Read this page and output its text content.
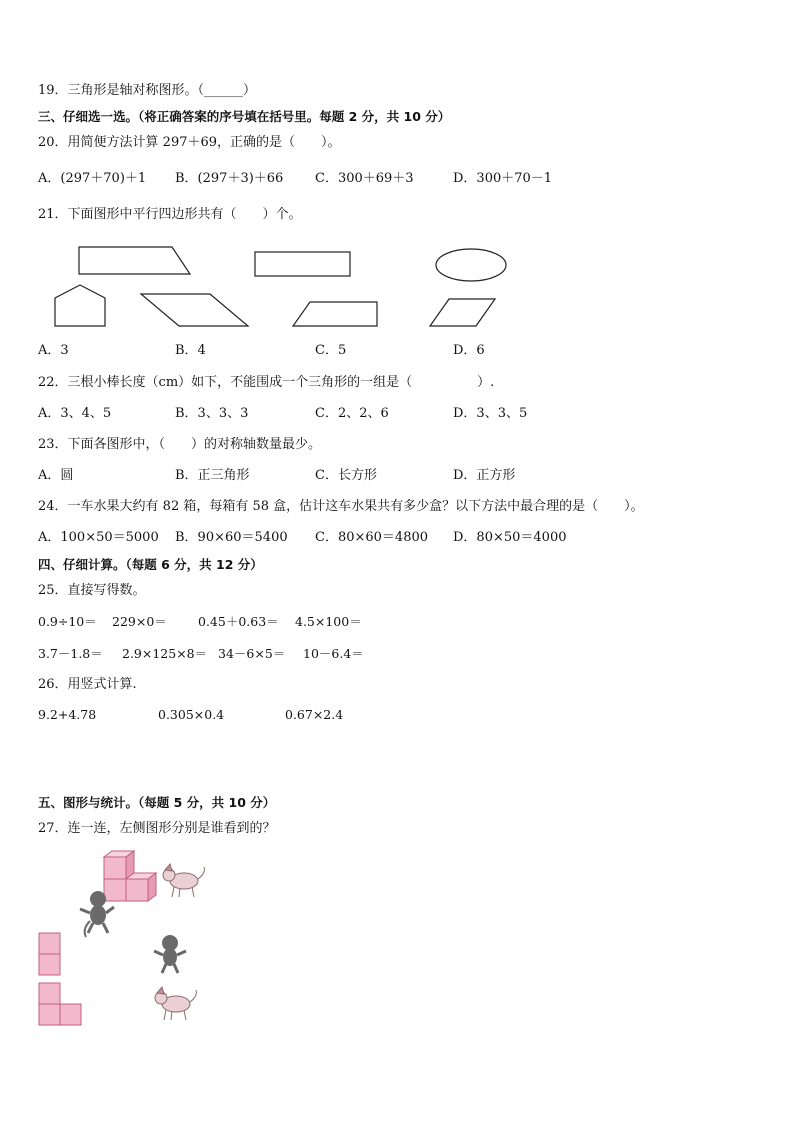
19．三角形是轴对称图形。（______）
三、仔细选一选。（将正确答案的序号填在括号里。每题 2 分，共 10 分）
20．用简便方法计算 297＋69，正确的是（　　）。
A．(297＋70)＋1 B．(297＋3)＋66 C．300＋69＋3	D．300＋70－1
21．下面图形中平行四边形共有（　　）个。
A．3	B．4	C．5	D．6
22．三根小棒长度（cm）如下，不能围成一个三角形的一组是（　　　　　）.
A．3、4、5	B．3、3、3	C．2、2、6	D．3、3、5
23．下面各图形中，（　　）的对称轴数量最少。
A．圆	B．正三角形	C．长方形	D．正方形
24．一车水果大约有 82 箱，每箱有 58 盒，估计这车水果共有多少盒？以下方法中最合理的是（　　）。
A．100×50＝5000 B．90×60＝5400 C．80×60＝4800 D．80×50＝4000
四、仔细计算。（每题 6 分，共 12 分）
25．直接写得数。
0.9÷10＝ 229×0＝ 0.45＋0.63＝ 4.5×100＝
3.7－1.8＝ 2.9×125×8＝ 34－6×5＝ 10－6.4＝
26．用竖式计算.
9.2+4.78	0.305×0.4	0.67×2.4
五、图形与统计。（每题 5 分，共 10 分）
27．连一连，左侧图形分别是谁看到的？
